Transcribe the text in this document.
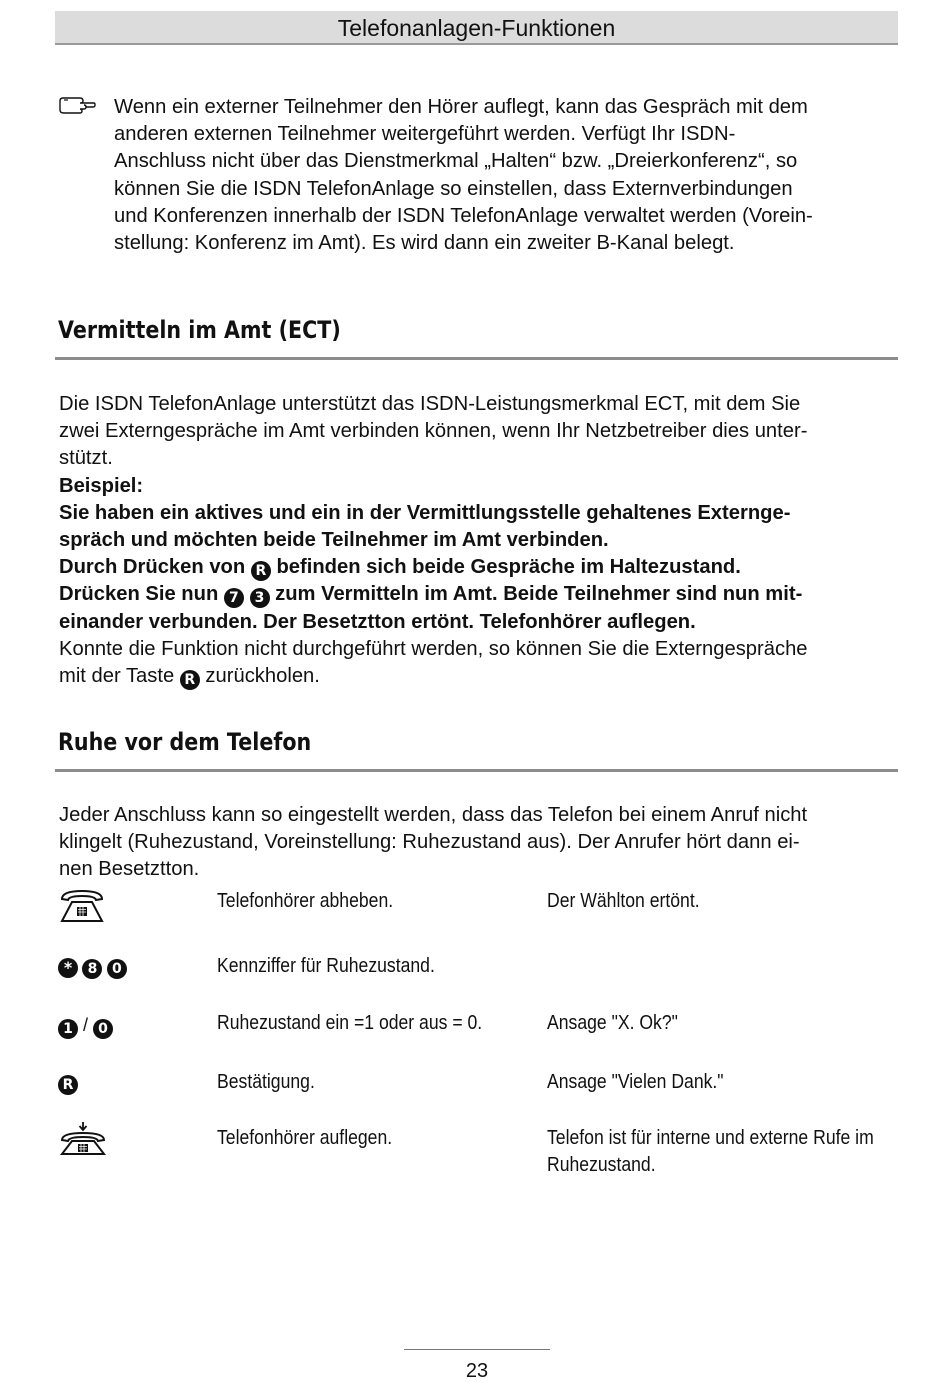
Telefonanlagen-Funktionen
Wenn ein externer Teilnehmer den Hörer auflegt, kann das Gespräch mit dem
anderen externen Teilnehmer weitergeführt werden. Verfügt Ihr ISDN-
Anschluss nicht über das Dienstmerkmal „Halten“ bzw. „Dreierkonferenz“, so
können Sie die ISDN TelefonAnlage so einstellen, dass Externverbindungen
und Konferenzen innerhalb der ISDN TelefonAnlage verwaltet werden (Vorein-
stellung: Konferenz im Amt). Es wird dann ein zweiter B-Kanal belegt.
Vermitteln im Amt (ECT)

Die ISDN TelefonAnlage unterstützt das ISDN-Leistungsmerkmal ECT, mit dem Sie

zwei Externgespräche im Amt verbinden können, wenn Ihr Netzbetreiber dies unter-

stützt.

Beispiel:

Sie haben ein aktives und ein in der Vermittlungsstelle gehaltenes Externge-

spräch und möchten beide Teilnehmer im Amt verbinden.

Durch Drücken von R befinden sich beide Gespräche im Haltezustand.

Drücken Sie nun 7 3 zum Vermitteln im Amt. Beide Teilnehmer sind nun mit-

einander verbunden. Der Besetztton ertönt. Telefonhörer auflegen.

Konnte die Funktion nicht durchgeführt werden, so können Sie die Externgespräche

mit der Taste R zurückholen.

Ruhe vor dem Telefon

Jeder Anschluss kann so eingestellt werden, dass das Telefon bei einem Anruf nicht

klingelt (Ruhezustand, Voreinstellung: Ruhezustand aus). Der Anrufer hört dann ei-

nen Besetztton.

Telefonhörer abheben.	Der Wählton ertönt.
* 8 0	Kennziffer für Ruhezustand.
1 / 0	Ruhezustand ein =1 oder aus = 0.	Ansage "X. Ok?"
R	Bestätigung.	Ansage "Vielen Dank."
Telefonhörer auflegen.	Telefon ist für interne und externe Rufe im
Ruhezustand.
23
